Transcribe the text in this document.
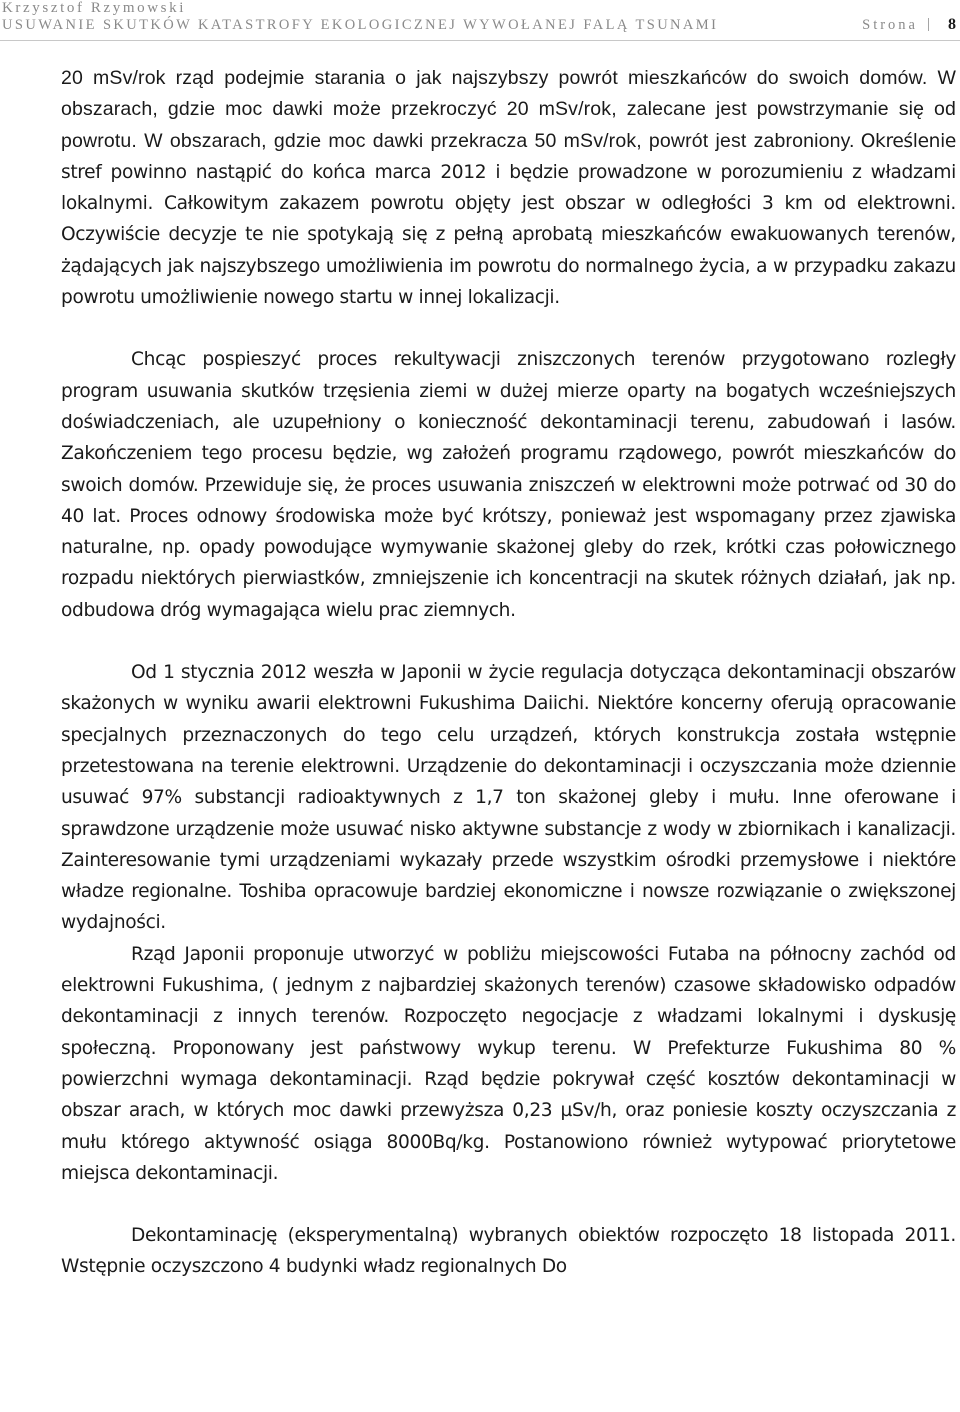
Krzysztof Rzymowski
USUWANIE SKUTKÓW KATASTROFY EKOLOGICZNEJ WYWOŁANEJ FALĄ TSUNAMI	Strona | 8

20 mSv/rok rząd podejmie starania o jak najszybszy powrót mieszkańców do swoich domów. W obszarach, gdzie moc dawki może przekroczyć 20 mSv/rok, zalecane jest powstrzymanie się od powrotu. W obszarach, gdzie moc dawki przekracza 50 mSv/rok, powrót jest zabroniony. Określenie stref powinno nastąpić do końca marca 2012 i będzie prowadzone w porozumieniu z władzami lokalnymi. Całkowitym zakazem powrotu objęty jest obszar w odległości 3 km od elektrowni. Oczywiście decyzje te nie spotykają się z pełną aprobatą mieszkańców ewakuowanych terenów, żądających jak najszybszego umożliwienia im powrotu do normalnego życia, a w przypadku zakazu powrotu umożliwienie nowego startu w innej lokalizacji.

Chcąc pospieszyć proces rekultywacji zniszczonych terenów przygotowano rozległy program usuwania skutków trzęsienia ziemi w dużej mierze oparty na bogatych wcześniejszych doświadczeniach, ale uzupełniony o konieczność dekontaminacji terenu, zabudowań i lasów. Zakończeniem tego procesu będzie, wg założeń programu rządowego, powrót mieszkańców do swoich domów. Przewiduje się, że proces usuwania zniszczeń w elektrowni może potrwać od 30 do 40 lat. Proces odnowy środowiska może być krótszy, ponieważ jest wspomagany przez zjawiska naturalne, np. opady powodujące wymywanie skażonej gleby do rzek, krótki czas połowicznego rozpadu niektórych pierwiastków, zmniejszenie ich koncentracji na skutek różnych działań, jak np. odbudowa dróg wymagająca wielu prac ziemnych.

Od 1 stycznia 2012 weszła w Japonii w życie regulacja dotycząca dekontaminacji obszarów skażonych w wyniku awarii elektrowni Fukushima Daiichi. Niektóre koncerny oferują opracowanie specjalnych przeznaczonych do tego celu urządzeń, których konstrukcja została wstępnie przetestowana na terenie elektrowni. Urządzenie do dekontaminacji i oczyszczania może dziennie usuwać 97% substancji radioaktywnych z 1,7 ton skażonej gleby i mułu. Inne oferowane i sprawdzone urządzenie może usuwać nisko aktywne substancje z wody w zbiornikach i kanalizacji. Zainteresowanie tymi urządzeniami wykazały przede wszystkim ośrodki przemysłowe i niektóre władze regionalne. Toshiba opracowuje bardziej ekonomiczne i nowsze rozwiązanie o zwiększonej wydajności.

Rząd Japonii proponuje utworzyć w pobliżu miejscowości Futaba na północny zachód od elektrowni Fukushima, ( jednym z najbardziej skażonych terenów) czasowe składowisko odpadów dekontaminacji z innych terenów. Rozpoczęto negocjacje z władzami lokalnymi i dyskusję społeczną. Proponowany jest państwowy wykup terenu. W Prefekturze Fukushima 80 % powierzchni wymaga dekontaminacji. Rząd będzie pokrywał część kosztów dekontaminacji w obszar arach, w których moc dawki przewyższa 0,23 µSv/h, oraz poniesie koszty oczyszczania z mułu którego aktywność osiąga 8000Bq/kg. Postanowiono również wytypować priorytetowe miejsca dekontaminacji.

Dekontaminację (eksperymentalną) wybranych obiektów rozpoczęto 18 listopada 2011. Wstępnie oczyszczono 4 budynki władz regionalnych Do
